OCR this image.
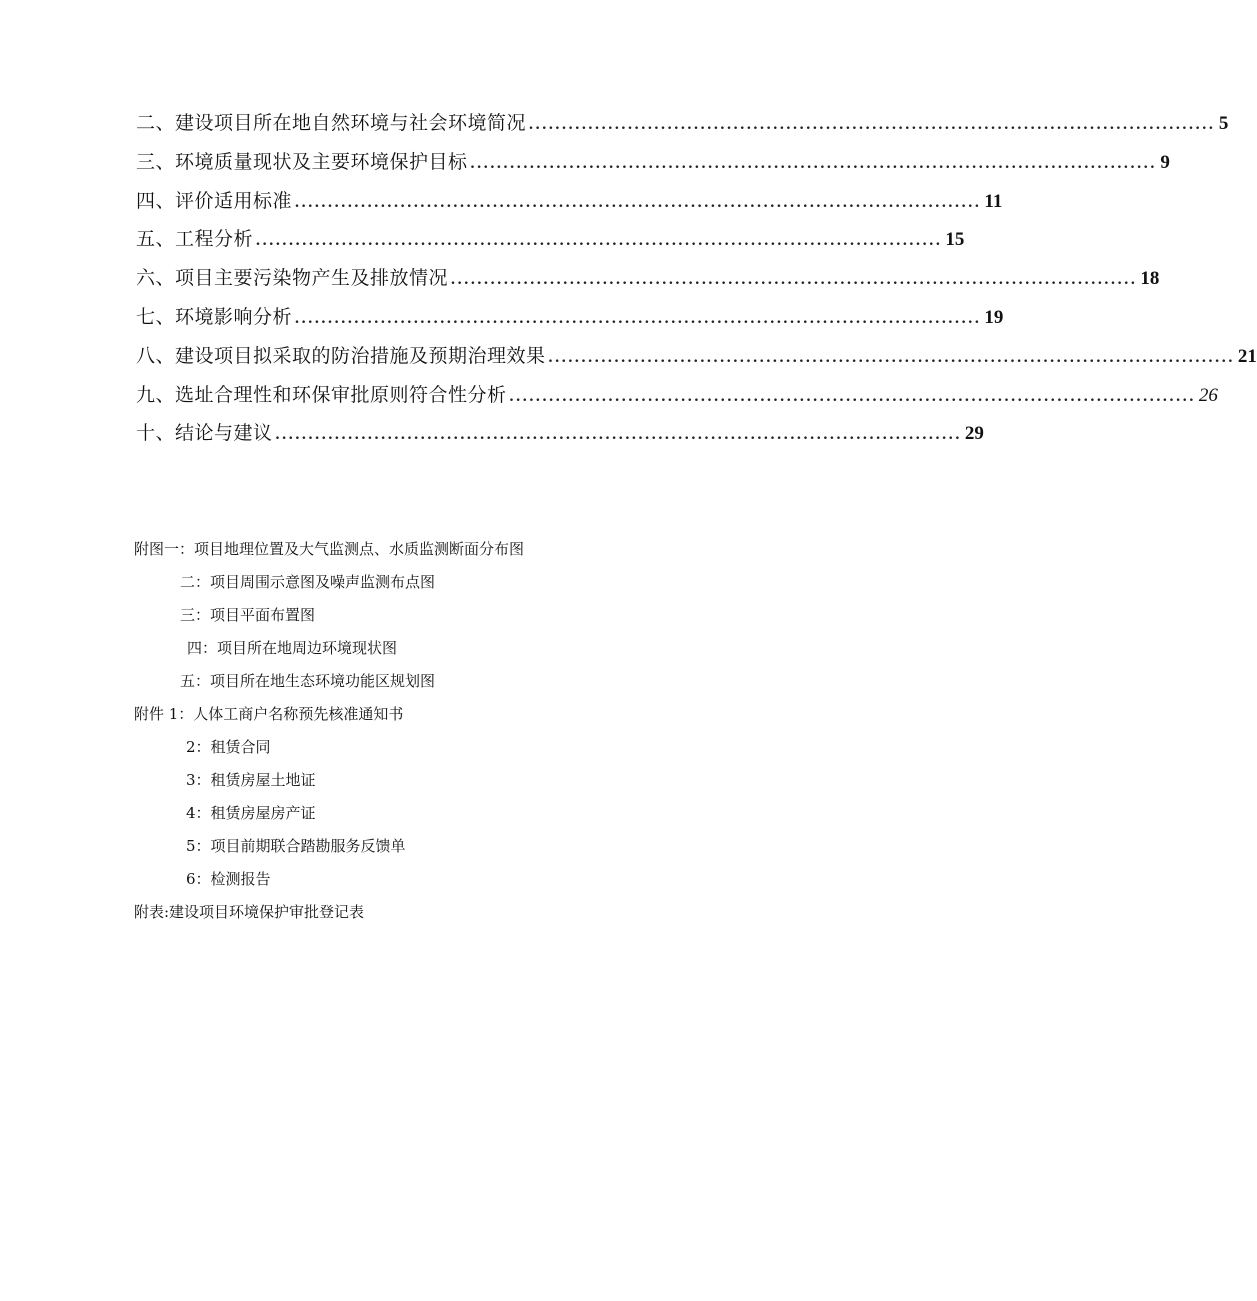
二、建设项目所在地自然环境与社会环境简况 ........................................................................................................ 5
三、环境质量现状及主要环境保护目标 ........................................................................................................ 9
四、评价适用标准 ........................................................................................................ 11
五、工程分析 ........................................................................................................ 15
六、项目主要污染物产生及排放情况 ........................................................................................................ 18
七、环境影响分析 ........................................................................................................ 19
八、建设项目拟采取的防治措施及预期治理效果 ........................................................................................................ 21
九、选址合理性和环保审批原则符合性分析 ........................................................................................................ 26
十、结论与建议 ........................................................................................................ 29
附图一：项目地理位置及大气监测点、水质监测断面分布图
二：项目周围示意图及噪声监测布点图
三：项目平面布置图
四：项目所在地周边环境现状图
五：项目所在地生态环境功能区规划图
附件 1：人体工商户名称预先核准通知书
2：租赁合同
3：租赁房屋土地证
4：租赁房屋房产证
5：项目前期联合踏勘服务反馈单
6：检测报告
附表:建设项目环境保护审批登记表
